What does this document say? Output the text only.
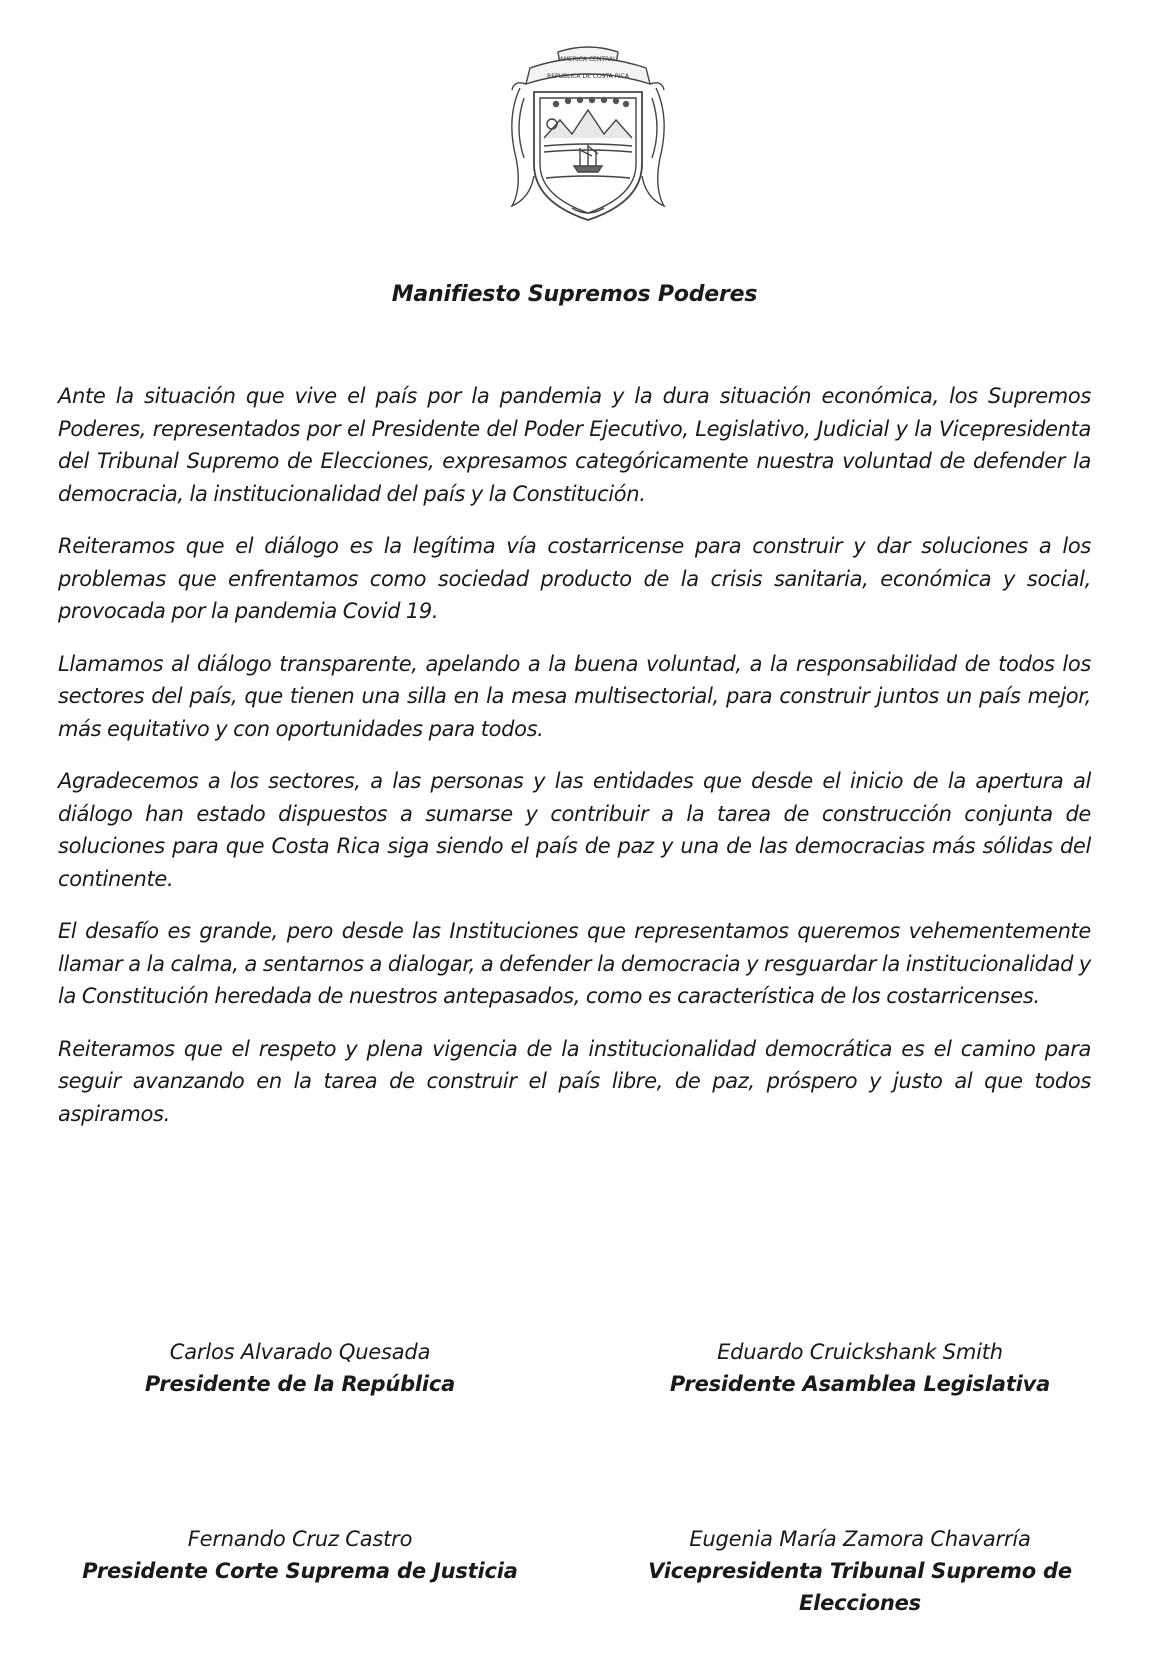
AMERICA CENTRAL
REPUBLICA DE COSTA RICA
Manifiesto Supremos Poderes

Ante la situación que vive el país por la pandemia y la dura situación económica, los Supremos Poderes, representados por el Presidente del Poder Ejecutivo, Legislativo, Judicial y la Vicepresidenta del Tribunal Supremo de Elecciones, expresamos categóricamente nuestra voluntad de defender la democracia, la institucionalidad del país y la Constitución.

Reiteramos que el diálogo es la legítima vía costarricense para construir y dar soluciones a los problemas que enfrentamos como sociedad producto de la crisis sanitaria, económica y social, provocada por la pandemia Covid 19.

Llamamos al diálogo transparente, apelando a la buena voluntad, a la responsabilidad de todos los sectores del país, que tienen una silla en la mesa multisectorial, para construir juntos un país mejor, más equitativo y con oportunidades para todos.

Agradecemos a los sectores, a las personas y las entidades que desde el inicio de la apertura al diálogo han estado dispuestos a sumarse y contribuir a la tarea de construcción conjunta de soluciones para que Costa Rica siga siendo el país de paz y una de las democracias más sólidas del continente.

El desafío es grande, pero desde las Instituciones que representamos queremos vehementemente llamar a la calma, a sentarnos a dialogar, a defender la democracia y resguardar la institucionalidad y la Constitución heredada de nuestros antepasados, como es característica de los costarricenses.

Reiteramos que el respeto y plena vigencia de la institucionalidad democrática es el camino para seguir avanzando en la tarea de construir el país libre, de paz, próspero y justo al que todos aspiramos.

Carlos Alvarado Quesada
Presidente de la República
Eduardo Cruickshank Smith
Presidente Asamblea Legislativa
Fernando Cruz Castro
Presidente Corte Suprema de Justicia
Eugenia María Zamora Chavarría
Vicepresidenta Tribunal Supremo de Elecciones
